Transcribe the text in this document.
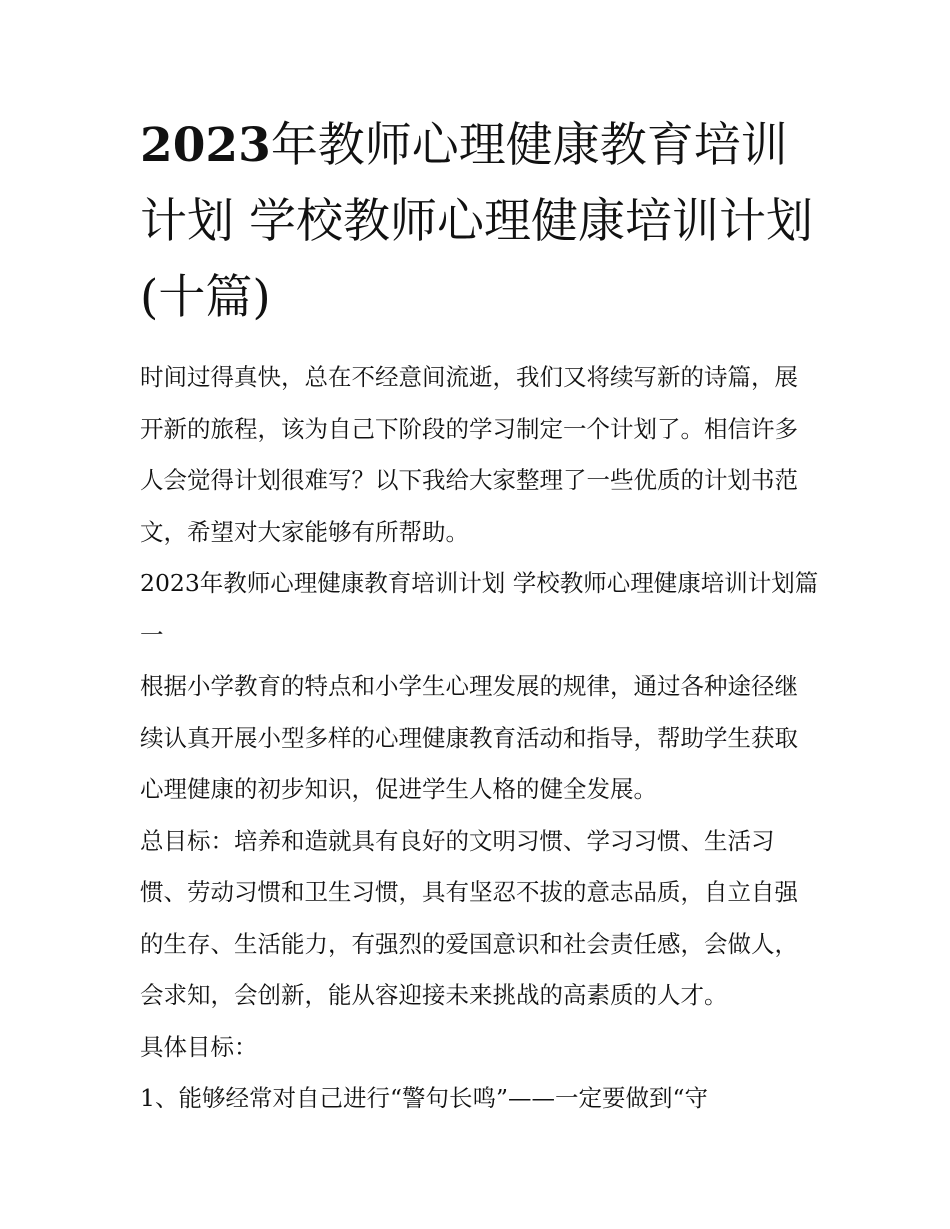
2023年教师心理健康教育培训计划 学校教师心理健康培训计划(十篇)

时间过得真快，总在不经意间流逝，我们又将续写新的诗篇，展开新的旅程，该为自己下阶段的学习制定一个计划了。相信许多人会觉得计划很难写？以下我给大家整理了一些优质的计划书范文，希望对大家能够有所帮助。

2023年教师心理健康教育培训计划 学校教师心理健康培训计划篇一

根据小学教育的特点和小学生心理发展的规律，通过各种途径继续认真开展小型多样的心理健康教育活动和指导，帮助学生获取心理健康的初步知识，促进学生人格的健全发展。

总目标：培养和造就具有良好的文明习惯、学习习惯、生活习惯、劳动习惯和卫生习惯，具有坚忍不拔的意志品质，自立自强的生存、生活能力，有强烈的爱国意识和社会责任感，会做人，会求知，会创新，能从容迎接未来挑战的高素质的人才。

具体目标：

1、能够经常对自己进行“警句长鸣”——一定要做到“守
